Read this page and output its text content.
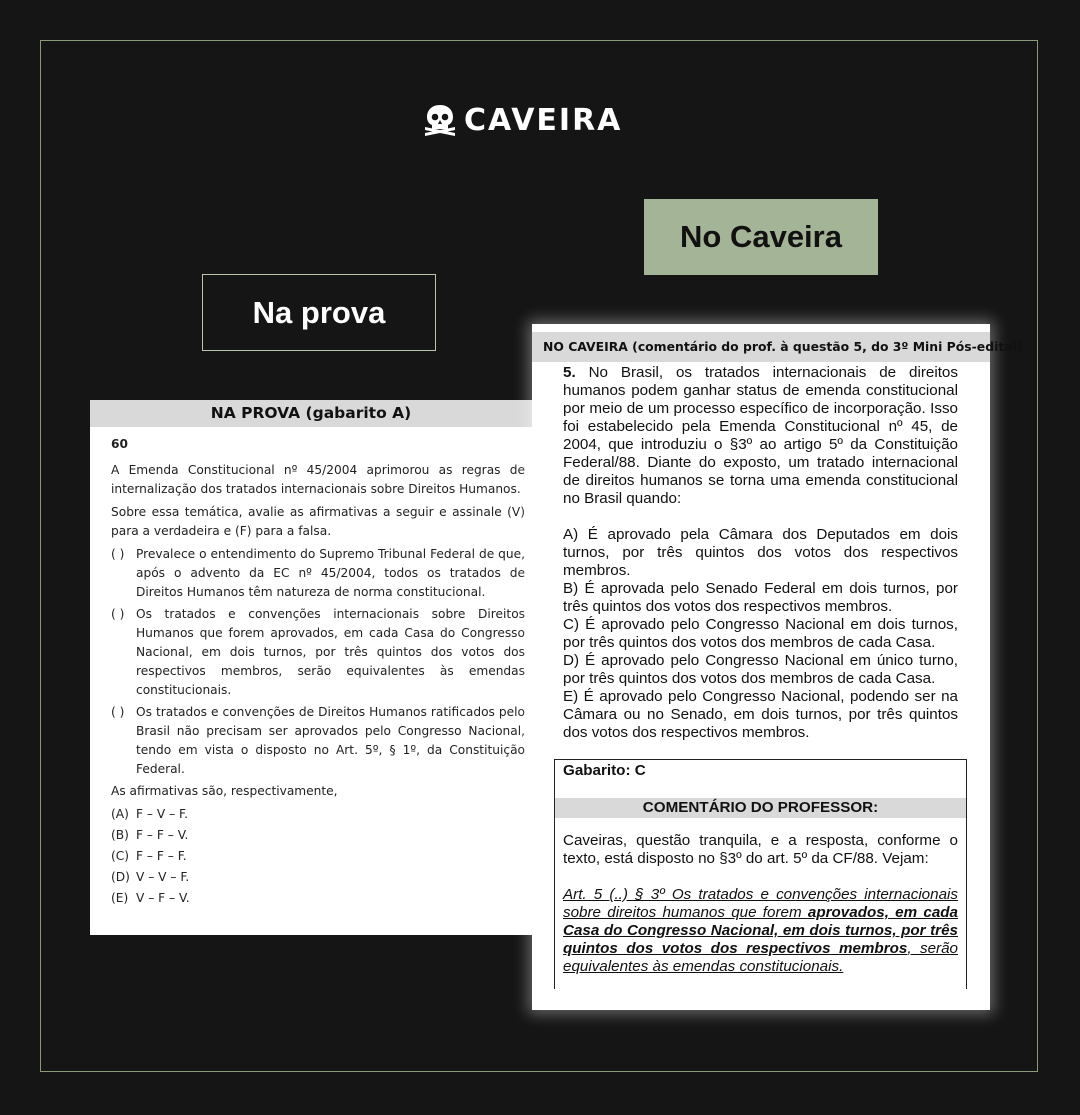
CAVEIRA
No Caveira
Na prova
NA PROVA (gabarito A)
60

A Emenda Constitucional nº 45/2004 aprimorou as regras de internalização dos tratados internacionais sobre Direitos Humanos.

Sobre essa temática, avalie as afirmativas a seguir e assinale (V) para a verdadeira e (F) para a falsa.

( ) Prevalece o entendimento do Supremo Tribunal Federal de que, após o advento da EC nº 45/2004, todos os tratados de Direitos Humanos têm natureza de norma constitucional.
( ) Os tratados e convenções internacionais sobre Direitos Humanos que forem aprovados, em cada Casa do Congresso Nacional, em dois turnos, por três quintos dos votos dos respectivos membros, serão equivalentes às emendas constitucionais.
( ) Os tratados e convenções de Direitos Humanos ratificados pelo Brasil não precisam ser aprovados pelo Congresso Nacional, tendo em vista o disposto no Art. 5º, § 1º, da Constituição Federal.

As afirmativas são, respectivamente,

(A) F – V – F.
(B) F – F – V.
(C) F – F – F.
(D) V – V – F.
(E) V – F – V.
NO CAVEIRA (comentário do prof. à questão 5, do 3º Mini Pós-edital)

5. No Brasil, os tratados internacionais de direitos humanos podem ganhar status de emenda constitucional por meio de um processo específico de incorporação. Isso foi estabelecido pela Emenda Constitucional nº 45, de 2004, que introduziu o §3º ao artigo 5º da Constituição Federal/88. Diante do exposto, um tratado internacional de direitos humanos se torna uma emenda constitucional no Brasil quando:

A) É aprovado pela Câmara dos Deputados em dois turnos, por três quintos dos votos dos respectivos membros.

B) É aprovada pelo Senado Federal em dois turnos, por três quintos dos votos dos respectivos membros.

C) É aprovado pelo Congresso Nacional em dois turnos, por três quintos dos votos dos membros de cada Casa.

D) É aprovado pelo Congresso Nacional em único turno, por três quintos dos votos dos membros de cada Casa.

E) É aprovado pelo Congresso Nacional, podendo ser na Câmara ou no Senado, em dois turnos, por três quintos dos votos dos respectivos membros.

Gabarito: C
COMENTÁRIO DO PROFESSOR:

Caveiras, questão tranquila, e a resposta, conforme o texto, está disposto no §3º do art. 5º da CF/88. Vejam:

Art. 5 (..) § 3º Os tratados e convenções internacionais sobre direitos humanos que forem aprovados, em cada Casa do Congresso Nacional, em dois turnos, por três quintos dos votos dos respectivos membros, serão equivalentes às emendas constitucionais.
